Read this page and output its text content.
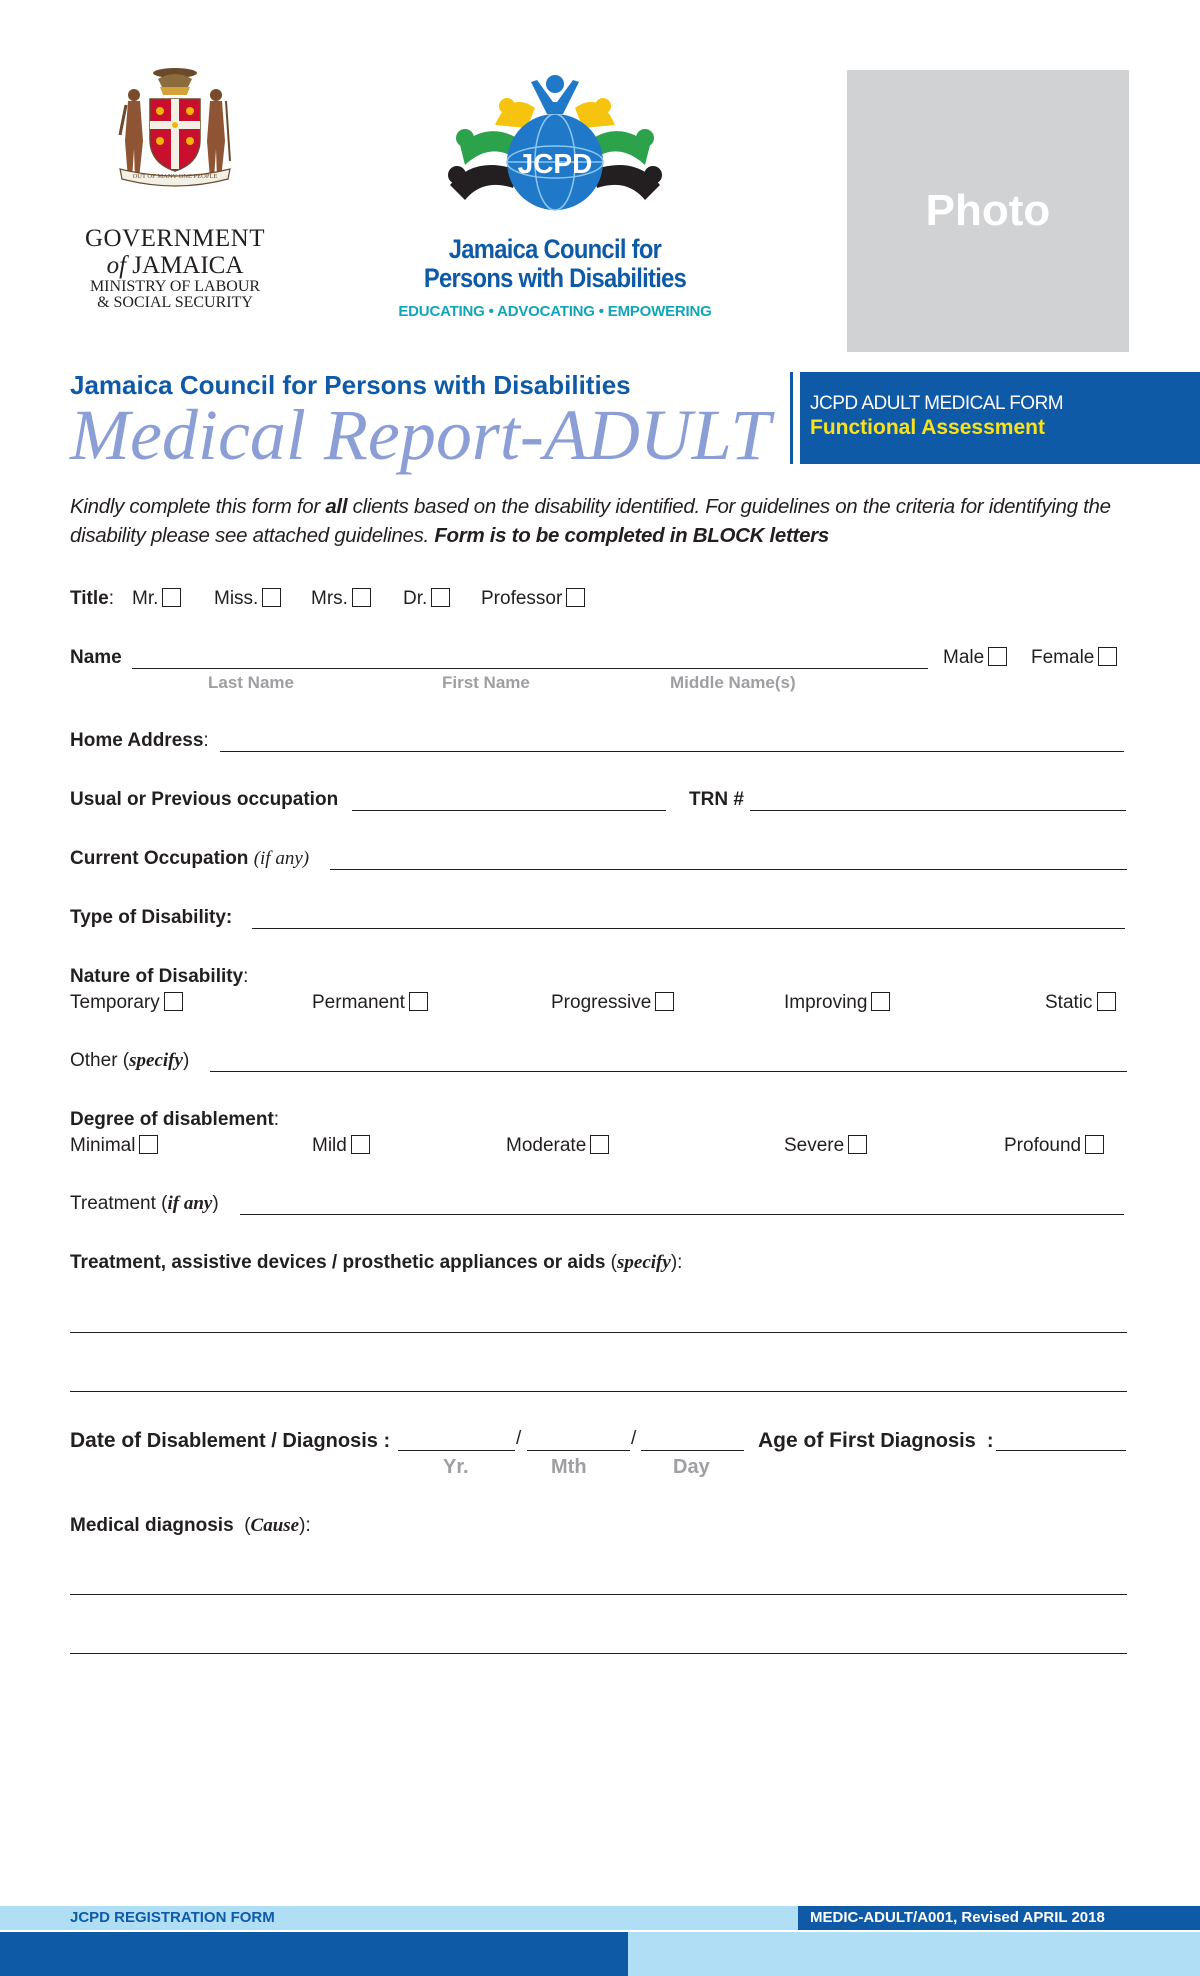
OUT OF MANY ONE PEOPLE
GOVERNMENT
of JAMAICA
MINISTRY OF LABOUR
& SOCIAL SECURITY
JCPD
Jamaica Council for
Persons with Disabilities
EDUCATING • ADVOCATING • EMPOWERING
Photo
Jamaica Council for Persons with Disabilities
Medical Report-ADULT JCPD ADULT MEDICAL FORM
Functional Assessment
Kindly complete this form for all clients based on the disability identified. For guidelines on the criteria for identifying the disability please see attached guidelines. Form is to be completed in BLOCK letters
Title: Mr.	Miss.	Mrs.	Dr.	Professor
Name	Male	Female
Last Name	First Name	Middle Name(s)
Home Address:
Usual or Previous occupation	TRN #
Current Occupation (if any)
Type of Disability:
Nature of Disability:
Temporary	Permanent	Progressive	Improving	Static
Other (specify)
Degree of disablement:
Minimal	Mild	Moderate	Severe	Profound
Treatment (if any)
Treatment, assistive devices / prosthetic appliances or aids (specify):
Date of Disablement / Diagnosis :	/	/
Yr.	Mth	Day
Age of First Diagnosis  :
Medical diagnosis  (Cause):
JCPD REGISTRATION FORM	MEDIC-ADULT/A001, Revised APRIL 2018
